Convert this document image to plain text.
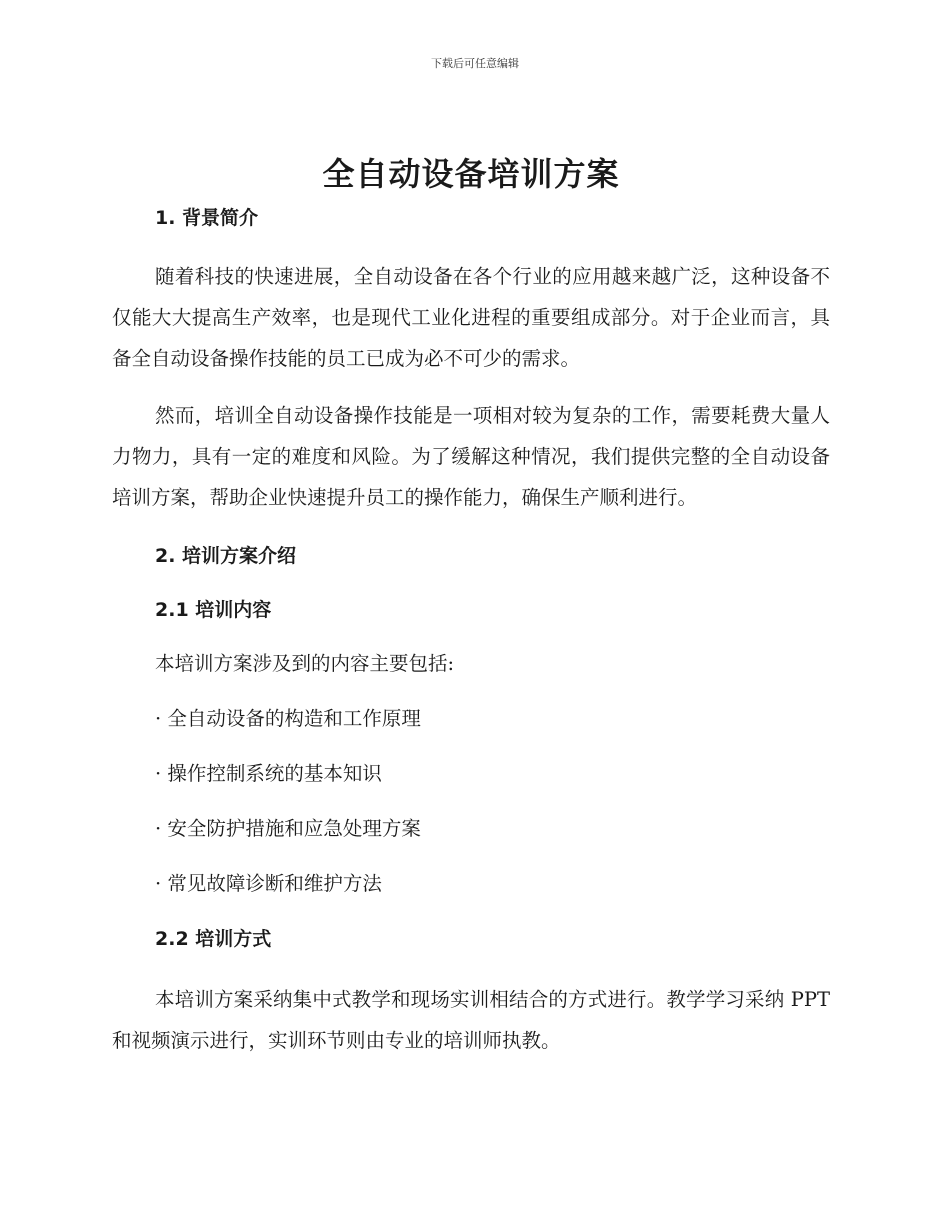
下载后可任意编辑
全自动设备培训方案

1. 背景简介

随着科技的快速进展，全自动设备在各个行业的应用越来越广泛，这种设备不仅能大大提高生产效率，也是现代工业化进程的重要组成部分。对于企业而言，具备全自动设备操作技能的员工已成为必不可少的需求。

然而，培训全自动设备操作技能是一项相对较为复杂的工作，需要耗费大量人力物力，具有一定的难度和风险。为了缓解这种情况，我们提供完整的全自动设备培训方案，帮助企业快速提升员工的操作能力，确保生产顺利进行。

2. 培训方案介绍

2.1 培训内容

本培训方案涉及到的内容主要包括:

· 全自动设备的构造和工作原理

· 操作控制系统的基本知识

· 安全防护措施和应急处理方案

· 常见故障诊断和维护方法

2.2 培训方式

本培训方案采纳集中式教学和现场实训相结合的方式进行。教学学习采纳 PPT 和视频演示进行，实训环节则由专业的培训师执教。
